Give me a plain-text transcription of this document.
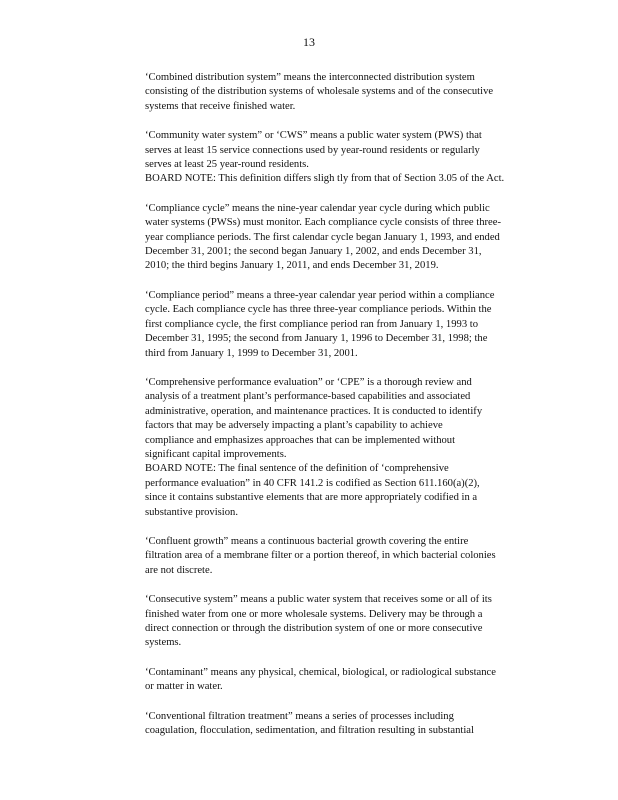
13
‘Combined distribution system” means the interconnected distribution system
consisting of the distribution systems of wholesale systems and of the consecutive
systems that receive finished water.
‘Community water system” or ‘CWS” means a public water system (PWS) that
serves at least 15 service connections used by year-round residents or regularly
serves at least 25 year-round residents.
BOARD NOTE: This definition differs sligh tly from that of Section 3.05 of the Act.
‘Compliance cycle” means the nine-year calendar year cycle during which public
water systems (PWSs) must monitor. Each compliance cycle consists of three three-
year compliance periods. The first calendar cycle began January 1, 1993, and ended
December 31, 2001; the second began January 1, 2002, and ends December 31,
2010; the third begins January 1, 2011, and ends December 31, 2019.
‘Compliance period” means a three-year calendar year period within a compliance
cycle. Each compliance cycle has three three-year compliance periods. Within the
first compliance cycle, the first compliance period ran from January 1, 1993 to
December 31, 1995; the second from January 1, 1996 to December 31, 1998; the
third from January 1, 1999 to December 31, 2001.
‘Comprehensive performance evaluation” or ‘CPE” is a thorough review and
analysis of a treatment plant’s performance-based capabilities and associated
administrative, operation, and maintenance practices. It is conducted to identify
factors that may be adversely impacting a plant’s capability to achieve
compliance and emphasizes approaches that can be implemented without
significant capital improvements.
BOARD NOTE: The final sentence of the definition of ‘comprehensive
performance evaluation” in 40 CFR 141.2 is codified as Section 611.160(a)(2),
since it contains substantive elements that are more appropriately codified in a
substantive provision.
‘Confluent growth” means a continuous bacterial growth covering the entire
filtration area of a membrane filter or a portion thereof, in which bacterial colonies
are not discrete.
‘Consecutive system” means a public water system that receives some or all of its
finished water from one or more wholesale systems. Delivery may be through a
direct connection or through the distribution system of one or more consecutive
systems.
‘Contaminant” means any physical, chemical, biological, or radiological substance
or matter in water.
‘Conventional filtration treatment” means a series of processes including
coagulation, flocculation, sedimentation, and filtration resulting in substantial
